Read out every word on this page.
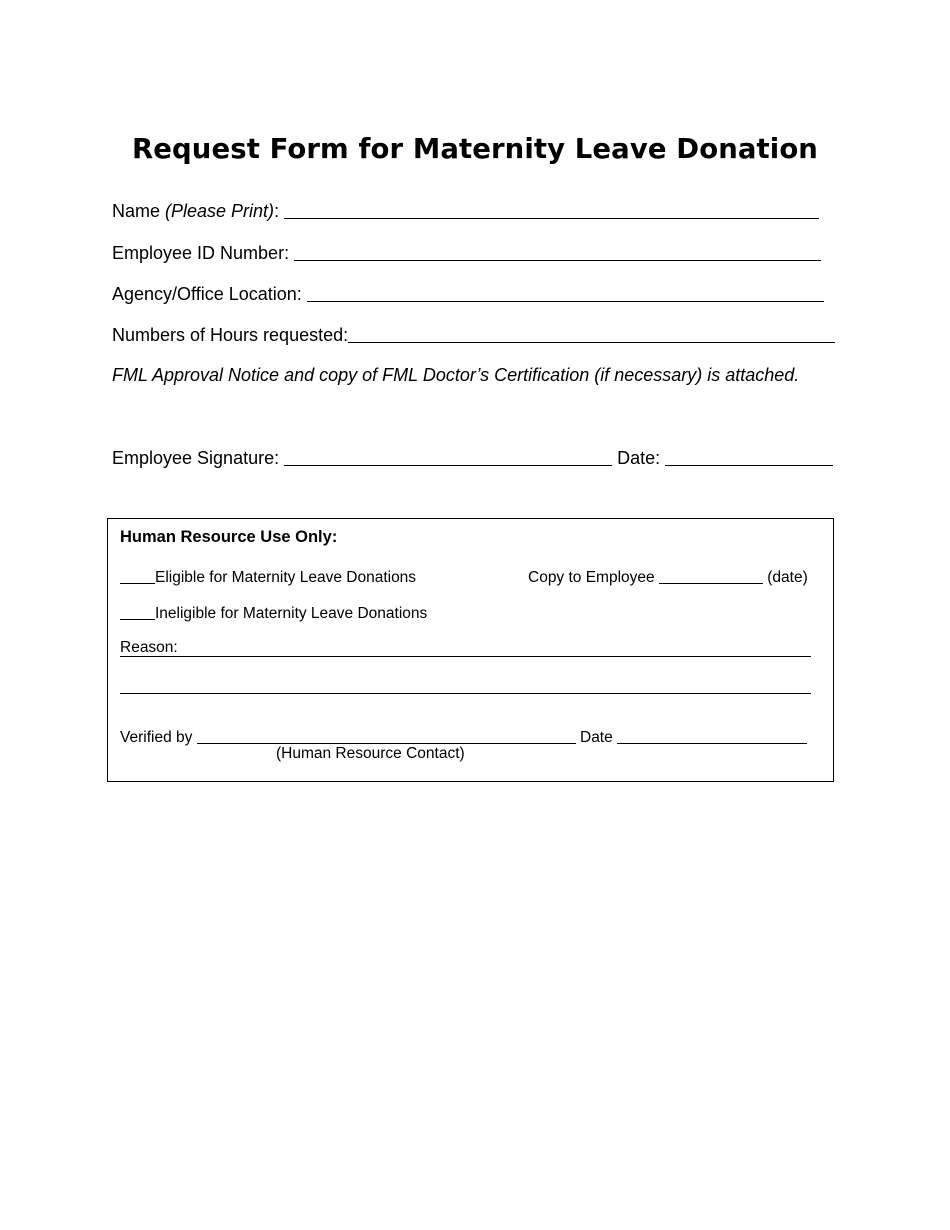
Request Form for Maternity Leave Donation
Name (Please Print) :
Employee ID Number:
Agency/Office Location:
Numbers of Hours requested:
FML Approval Notice and copy of FML Doctor’s Certification (if necessary) is attached.
Employee Signature:	Date:
Human Resource Use Only:
Eligible for Maternity Leave Donations	Copy to Employee	(date)
Ineligible for Maternity Leave Donations
Reason:
Verified by	Date
(Human Resource Contact)
